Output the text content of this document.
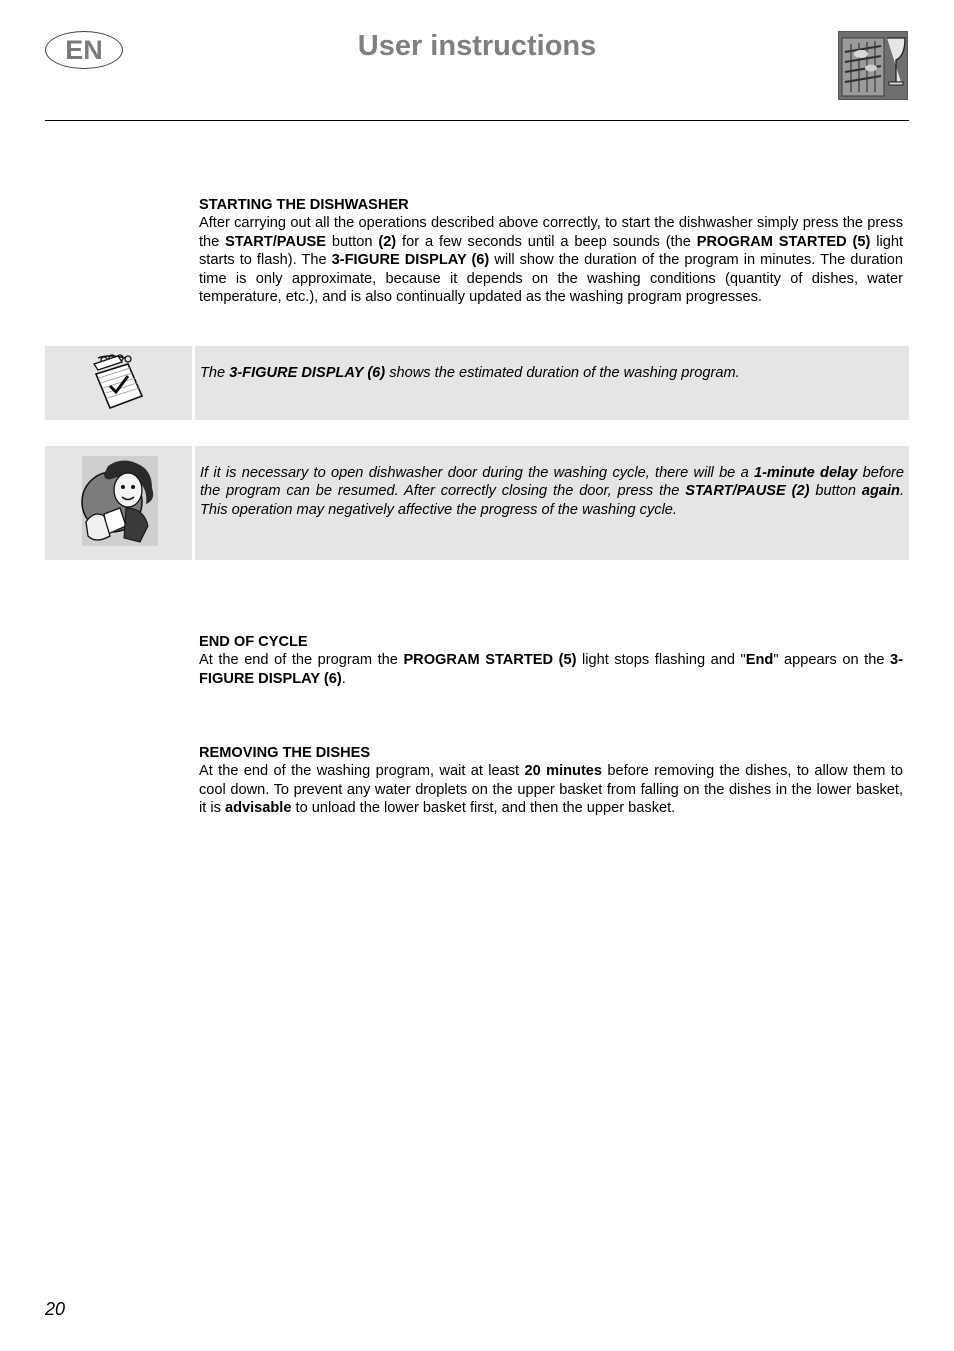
EN	User instructions
STARTING THE DISHWASHER

After carrying out all the operations described above correctly, to start the dishwasher simply press the press the START/PAUSE button (2) for a few seconds until a beep sounds (the PROGRAM STARTED (5) light starts to flash). The 3-FIGURE DISPLAY (6) will show the duration of the program in minutes. The duration time is only approximate, because it depends on the washing conditions (quantity of dishes, water temperature, etc.), and is also continually updated as the washing program progresses.

The 3-FIGURE DISPLAY (6) shows the estimated duration of the washing program.
If it is necessary to open dishwasher door during the washing cycle, there will be a 1-minute delay before the program can be resumed. After correctly closing the door, press the START/PAUSE (2) button again. This operation may negatively affective the progress of the washing cycle.
END OF CYCLE

At the end of the program the PROGRAM STARTED (5) light stops flashing and "End" appears on the 3-FIGURE DISPLAY (6).

REMOVING THE DISHES

At the end of the washing program, wait at least 20 minutes before removing the dishes, to allow them to cool down. To prevent any water droplets on the upper basket from falling on the dishes in the lower basket, it is advisable to unload the lower basket first, and then the upper basket.

20
